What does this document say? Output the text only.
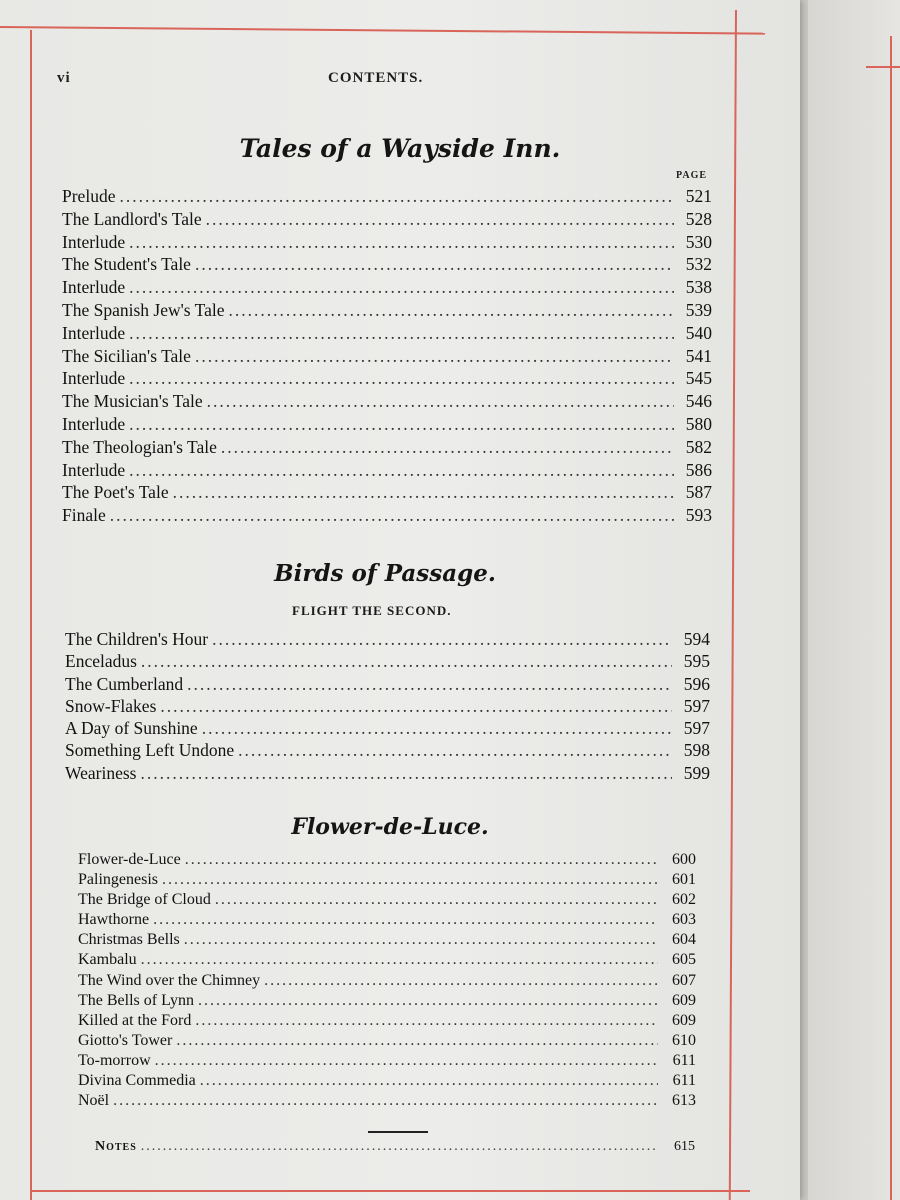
vi	CONTENTS.
Tales of a Wayside Inn.
PAGE
Prelude .....	521
The Landlord's Tale .....	528
Interlude .....	530
The Student's Tale .....	532
Interlude .....	538
The Spanish Jew's Tale .....	539
Interlude .....	540
The Sicilian's Tale .....	541
Interlude .....	545
The Musician's Tale .....	546
Interlude .....	580
The Theologian's Tale .....	582
Interlude .....	586
The Poet's Tale .....	587
Finale .....	593
Birds of Passage.
FLIGHT THE SECOND.
The Children's Hour .....	594
Enceladus .....	595
The Cumberland .....	596
Snow-Flakes .....	597
A Day of Sunshine .....	597
Something Left Undone .....	598
Weariness .....	599
Flower-de-Luce.
Flower-de-Luce .....	600
Palingenesis .....	601
The Bridge of Cloud .....	602
Hawthorne .....	603
Christmas Bells .....	604
Kambalu .....	605
The Wind over the Chimney .....	607
The Bells of Lynn .....	609
Killed at the Ford .....	609
Giotto's Tower .....	610
To-morrow .....	611
Divina Commedia .....	611
Noël .....	613
Notes .....	615
